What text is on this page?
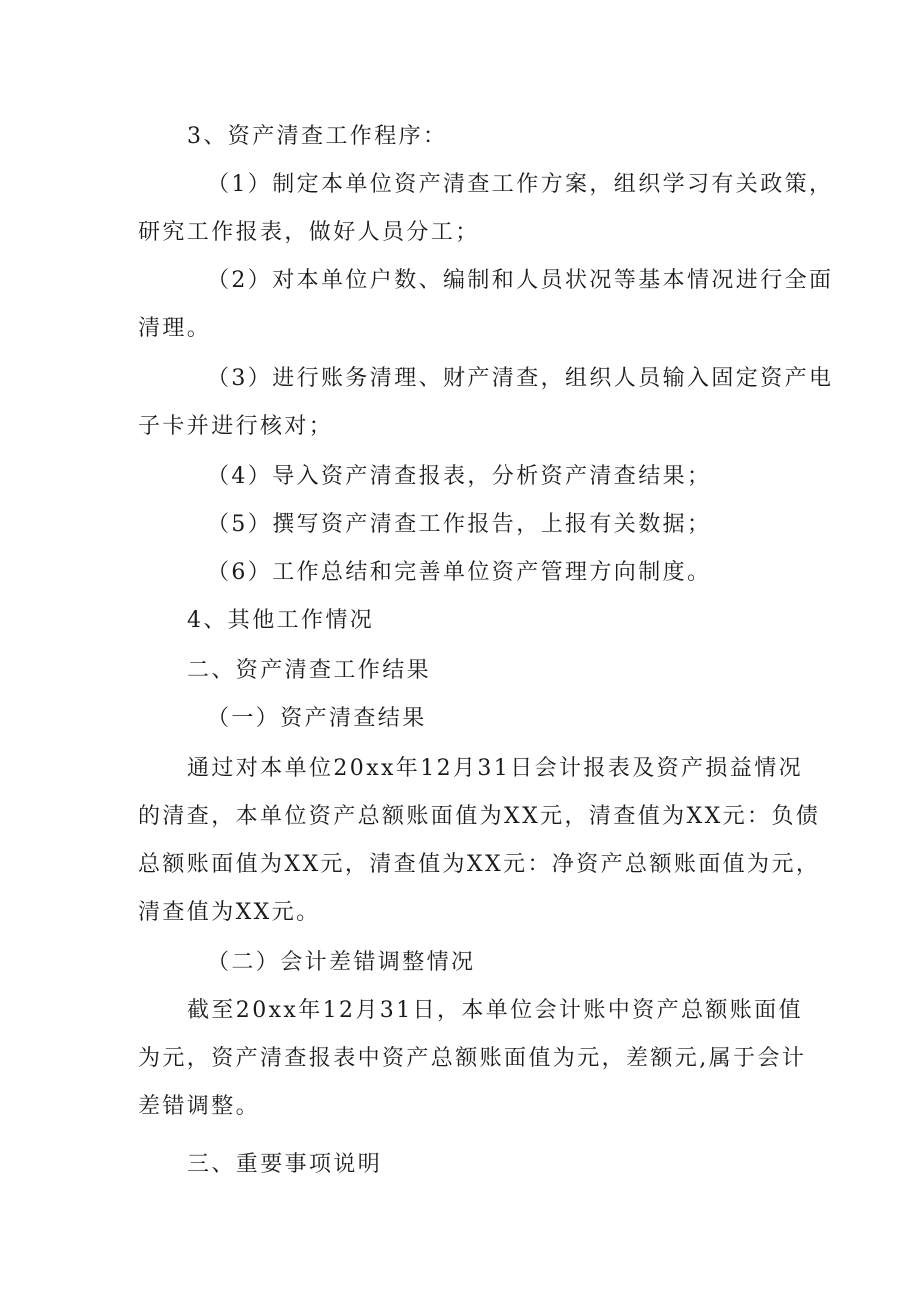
3、资产清查工作程序：
（1）制定本单位资产清查工作方案，组织学习有关政策，
研究工作报表，做好人员分工；
（2）对本单位户数、编制和人员状况等基本情况进行全面
清理。
（3）进行账务清理、财产清查，组织人员输入固定资产电
子卡并进行核对；
（4）导入资产清查报表，分析资产清查结果；
（5）撰写资产清查工作报告，上报有关数据；
（6）工作总结和完善单位资产管理方向制度。
4、其他工作情况
二、资产清查工作结果
（一）资产清查结果
通过对本单位20xx年12月31日会计报表及资产损益情况
的清查，本单位资产总额账面值为XX元，清查值为XX元：负债
总额账面值为XX元，清查值为XX元：净资产总额账面值为元，
清查值为XX元。
（二）会计差错调整情况
截至20xx年12月31日，本单位会计账中资产总额账面值
为元，资产清查报表中资产总额账面值为元，差额元,属于会计
差错调整。
三、重要事项说明
